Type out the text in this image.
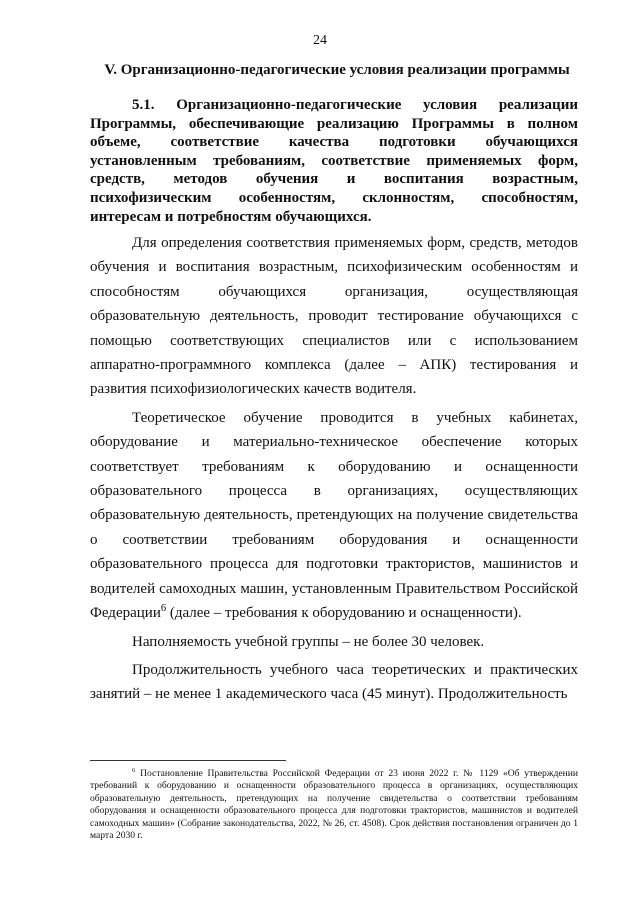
24
V. Организационно-педагогические условия реализации программы
5.1. Организационно-педагогические условия реализации Программы, обеспечивающие реализацию Программы в полном объеме, соответствие качества подготовки обучающихся установленным требованиям, соответствие применяемых форм, средств, методов обучения и воспитания возрастным, психофизическим особенностям, склонностям, способностям, интересам и потребностям обучающихся.

Для определения соответствия применяемых форм, средств, методов обучения и воспитания возрастным, психофизическим особенностям и способностям обучающихся организация, осуществляющая образовательную деятельность, проводит тестирование обучающихся с помощью соответствующих специалистов или с использованием аппаратно-программного комплекса (далее – АПК) тестирования и развития психофизиологических качеств водителя.

Теоретическое обучение проводится в учебных кабинетах, оборудование и материально-техническое обеспечение которых соответствует требованиям к оборудованию и оснащенности образовательного процесса в организациях, осуществляющих образовательную деятельность, претендующих на получение свидетельства о соответствии требованиям оборудования и оснащенности образовательного процесса для подготовки трактористов, машинистов и водителей самоходных машин, установленным Правительством Российской Федерации$^6$ (далее – требования к оборудованию и оснащенности).

Наполняемость учебной группы – не более 30 человек.

Продолжительность учебного часа теоретических и практических занятий – не менее 1 академического часа (45 минут). Продолжительность

$^6$ Постановление Правительства Российской Федерации от 23 июня 2022 г. № 1129 «Об утверждении требований к оборудованию и оснащенности образовательного процесса в организациях, осуществляющих образовательную деятельность, претендующих на получение свидетельства о соответствии требованиям оборудования и оснащенности образовательного процесса для подготовки трактористов, машинистов и водителей самоходных машин» (Собрание законодательства, 2022, № 26, ст. 4508). Срок действия постановления ограничен до 1 марта 2030 г.
